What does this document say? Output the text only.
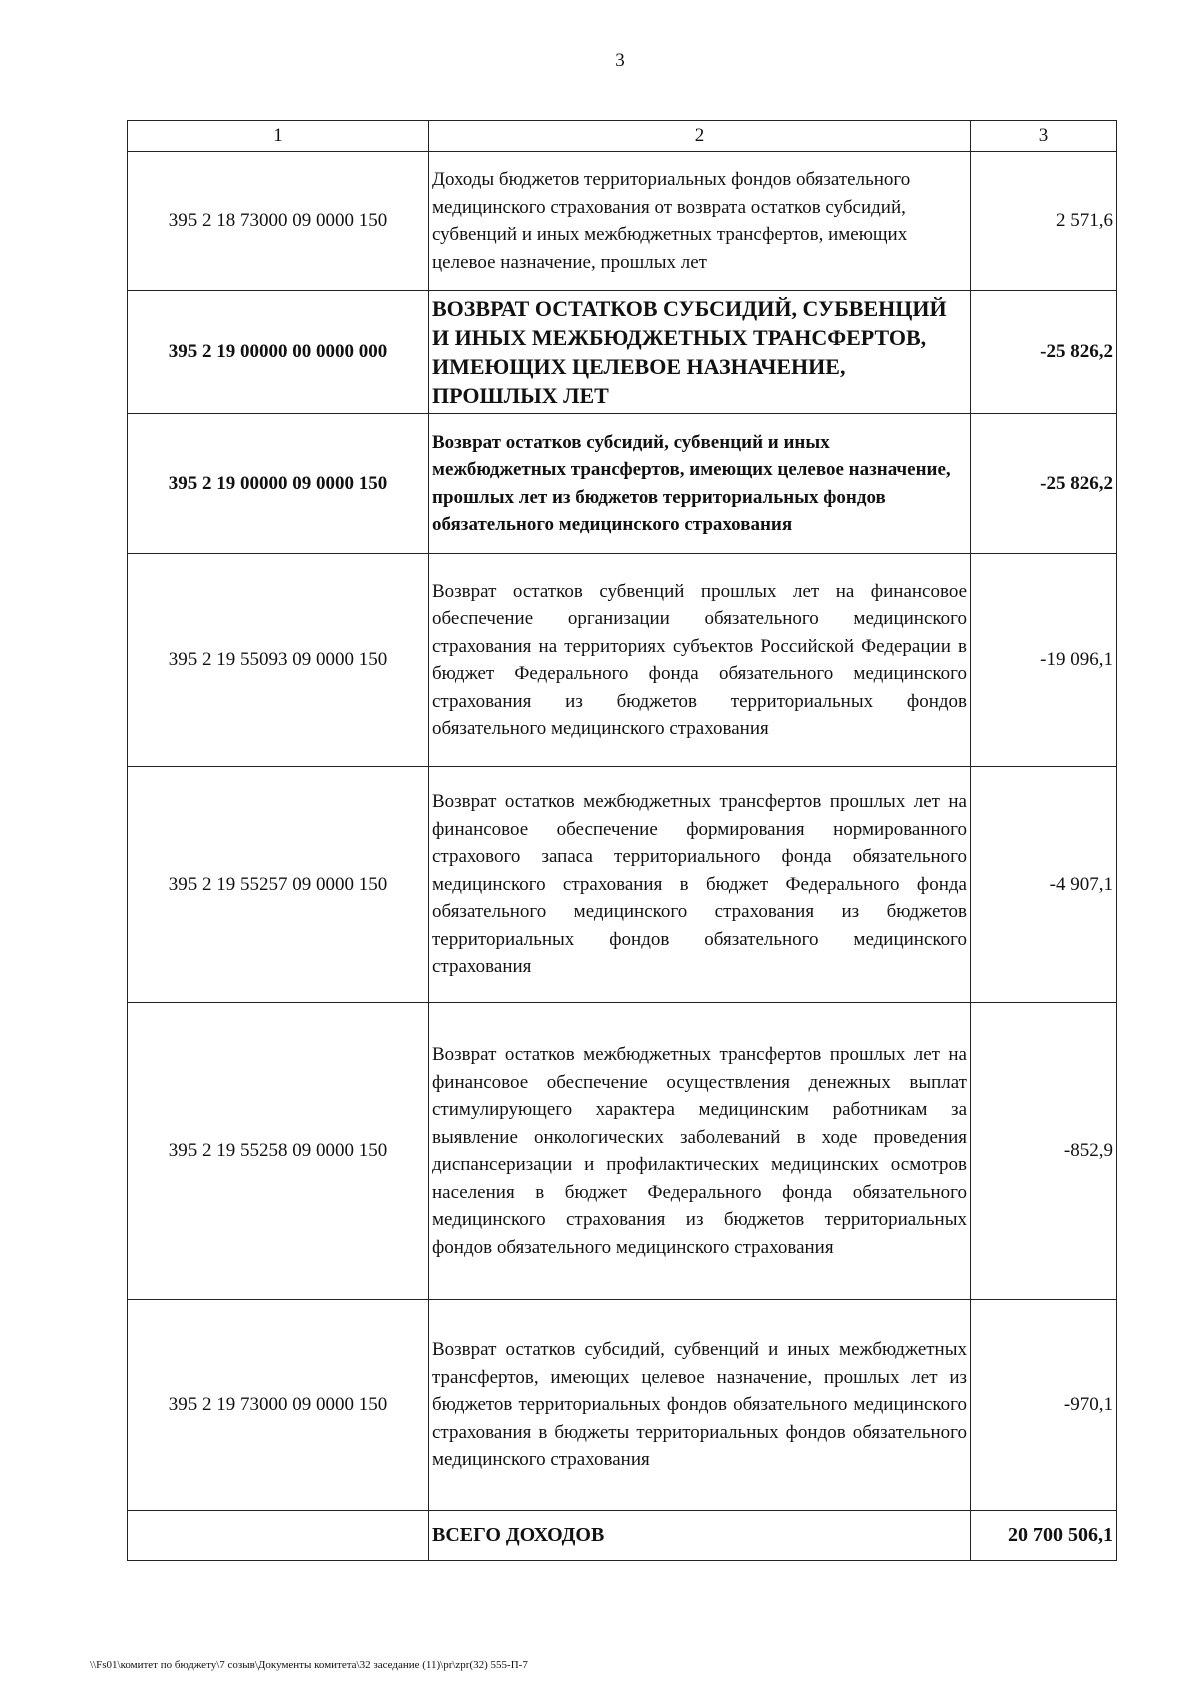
3
1	2	3
395 2 18 73000 09 0000 150	Доходы бюджетов территориальных фондов обязательного медицинского страхования от возврата остатков субсидий, субвенций и иных межбюджетных трансфертов, имеющих целевое назначение, прошлых лет	2 571,6
395 2 19 00000 00 0000 000	ВОЗВРАТ ОСТАТКОВ СУБСИДИЙ, СУБВЕНЦИЙ И ИНЫХ МЕЖБЮДЖЕТНЫХ ТРАНСФЕРТОВ, ИМЕЮЩИХ ЦЕЛЕВОЕ НАЗНАЧЕНИЕ, ПРОШЛЫХ ЛЕТ	-25 826,2
395 2 19 00000 09 0000 150	Возврат остатков субсидий, субвенций и иных межбюджетных трансфертов, имеющих целевое назначение, прошлых лет из бюджетов территориальных фондов обязательного медицинского страхования	-25 826,2
395 2 19 55093 09 0000 150	Возврат остатков субвенций прошлых лет на финансовое обеспечение организации обязательного медицинского страхования на территориях субъектов Российской Федерации в бюджет Федерального фонда обязательного медицинского страхования из бюджетов территориальных фондов обязательного медицинского страхования	-19 096,1
395 2 19 55257 09 0000 150	Возврат остатков межбюджетных трансфертов прошлых лет на финансовое обеспечение формирования нормированного страхового запаса территориального фонда обязательного медицинского страхования в бюджет Федерального фонда обязательного медицинского страхования из бюджетов территориальных фондов обязательного медицинского страхования	-4 907,1
395 2 19 55258 09 0000 150	Возврат остатков межбюджетных трансфертов прошлых лет на финансовое обеспечение осуществления денежных выплат стимулирующего характера медицинским работникам за выявление онкологических заболеваний в ходе проведения диспансеризации и профилактических медицинских осмотров населения в бюджет Федерального фонда обязательного медицинского страхования из бюджетов территориальных фондов обязательного медицинского страхования	-852,9
395 2 19 73000 09 0000 150	Возврат остатков субсидий, субвенций и иных межбюджетных трансфертов, имеющих целевое назначение, прошлых лет из бюджетов территориальных фондов обязательного медицинского страхования в бюджеты территориальных фондов обязательного медицинского страхования	-970,1
	ВСЕГО ДОХОДОВ	20 700 506,1
\\Fs01\комитет по бюджету\7 созыв\Документы комитета\32 заседание (11)\pr\zpr(32) 555-П-7
